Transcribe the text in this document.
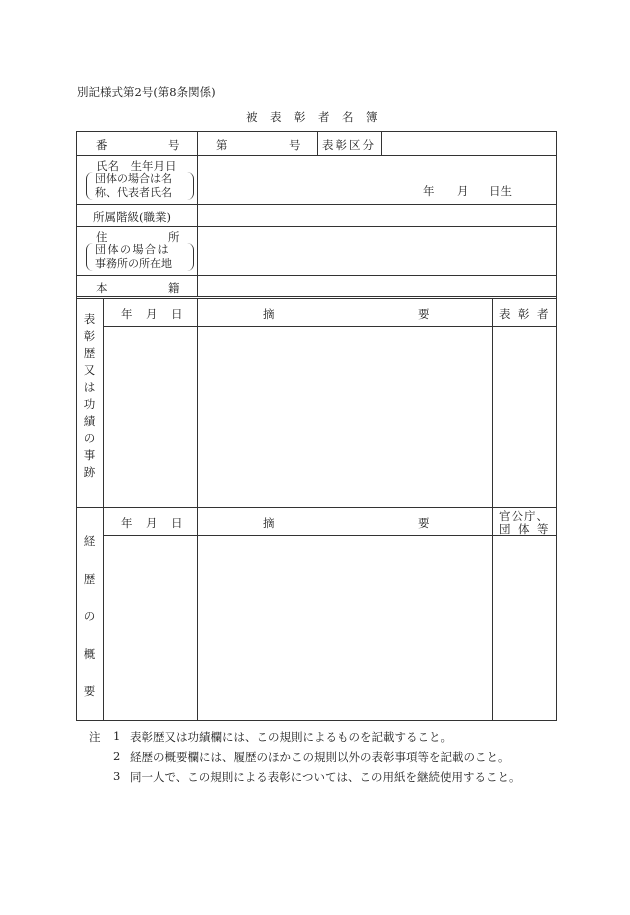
別記様式第2号(第8条関係)
被 表 彰 者 名 簿
番	号	第	号 表彰区分
氏名　生年月日
団体の場合は名
称、代表者氏名	年 月 日生
所属階級(職業)
住	所
団体の場合は
事務所の所在地
本	籍
表
彰
歴
又
は
功
績
の
事
跡
年 月 日	摘	要	表 彰 者
経
歴
の
概
要
年 月 日	摘	要	官公庁、
団 体 等
注 1 表彰歴又は功績欄には、この規則によるものを記載すること。
2 経歴の概要欄には、履歴のほかこの規則以外の表彰事項等を記載のこと。
3 同一人で、この規則による表彰については、この用紙を継続使用すること。
